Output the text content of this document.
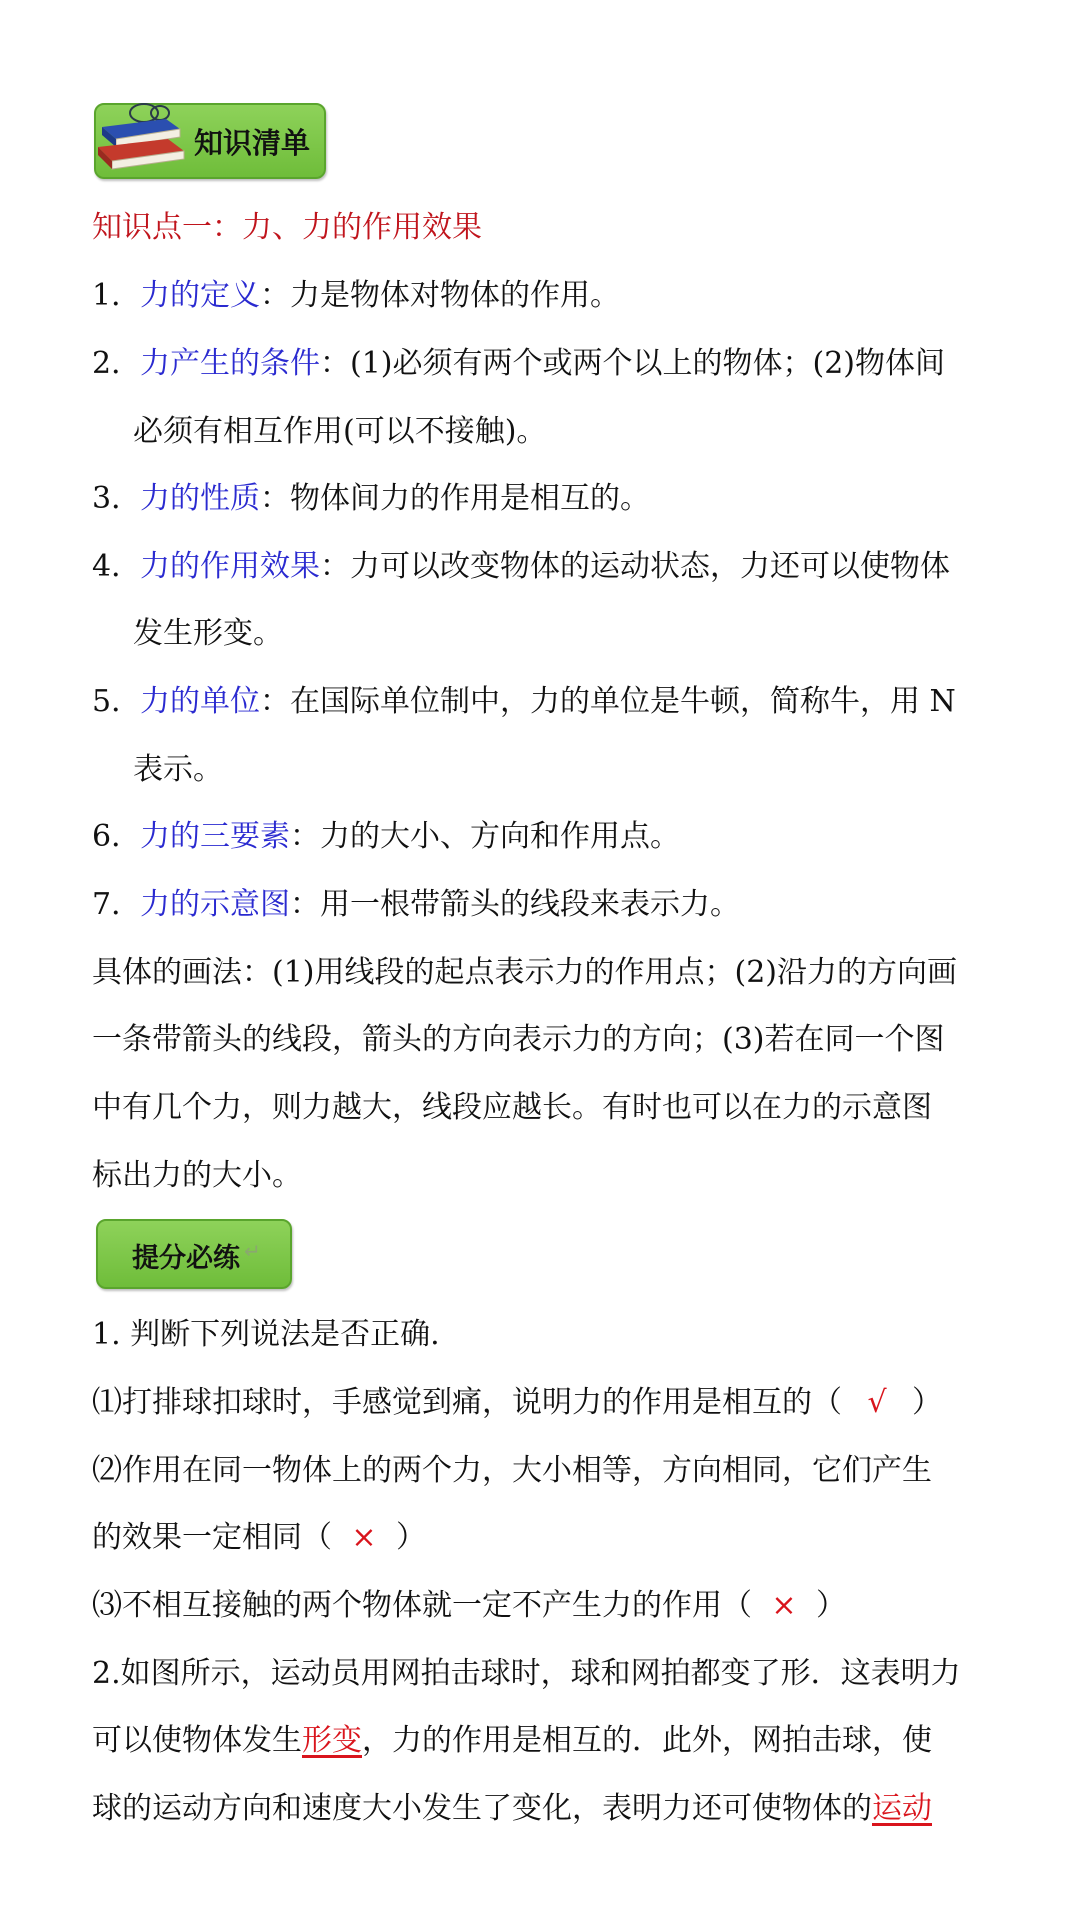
知识清单
知识点一：力、力的作用效果
1．力的定义：力是物体对物体的作用。
2．力产生的条件：(1)必须有两个或两个以上的物体；(2)物体间
必须有相互作用(可以不接触)。
3．力的性质：物体间力的作用是相互的。
4．力的作用效果：力可以改变物体的运动状态，力还可以使物体
发生形变。
5．力的单位：在国际单位制中，力的单位是牛顿，简称牛，用 N
表示。
6．力的三要素：力的大小、方向和作用点。
7．力的示意图：用一根带箭头的线段来表示力。
具体的画法：(1)用线段的起点表示力的作用点；(2)沿力的方向画
一条带箭头的线段，箭头的方向表示力的方向；(3)若在同一个图
中有几个力，则力越大，线段应越长。有时也可以在力的示意图
标出力的大小。
提分必练 ↵
1. 判断下列说法是否正确.
⑴打排球扣球时，手感觉到痛，说明力的作用是相互的（ √ ）
⑵作用在同一物体上的两个力，大小相等，方向相同，它们产生
的效果一定相同（ × ）
⑶不相互接触的两个物体就一定不产生力的作用（ × ）
2.如图所示，运动员用网拍击球时，球和网拍都变了形．这表明力
可以使物体发生形变，力的作用是相互的．此外，网拍击球，使
球的运动方向和速度大小发生了变化，表明力还可使物体的运动
